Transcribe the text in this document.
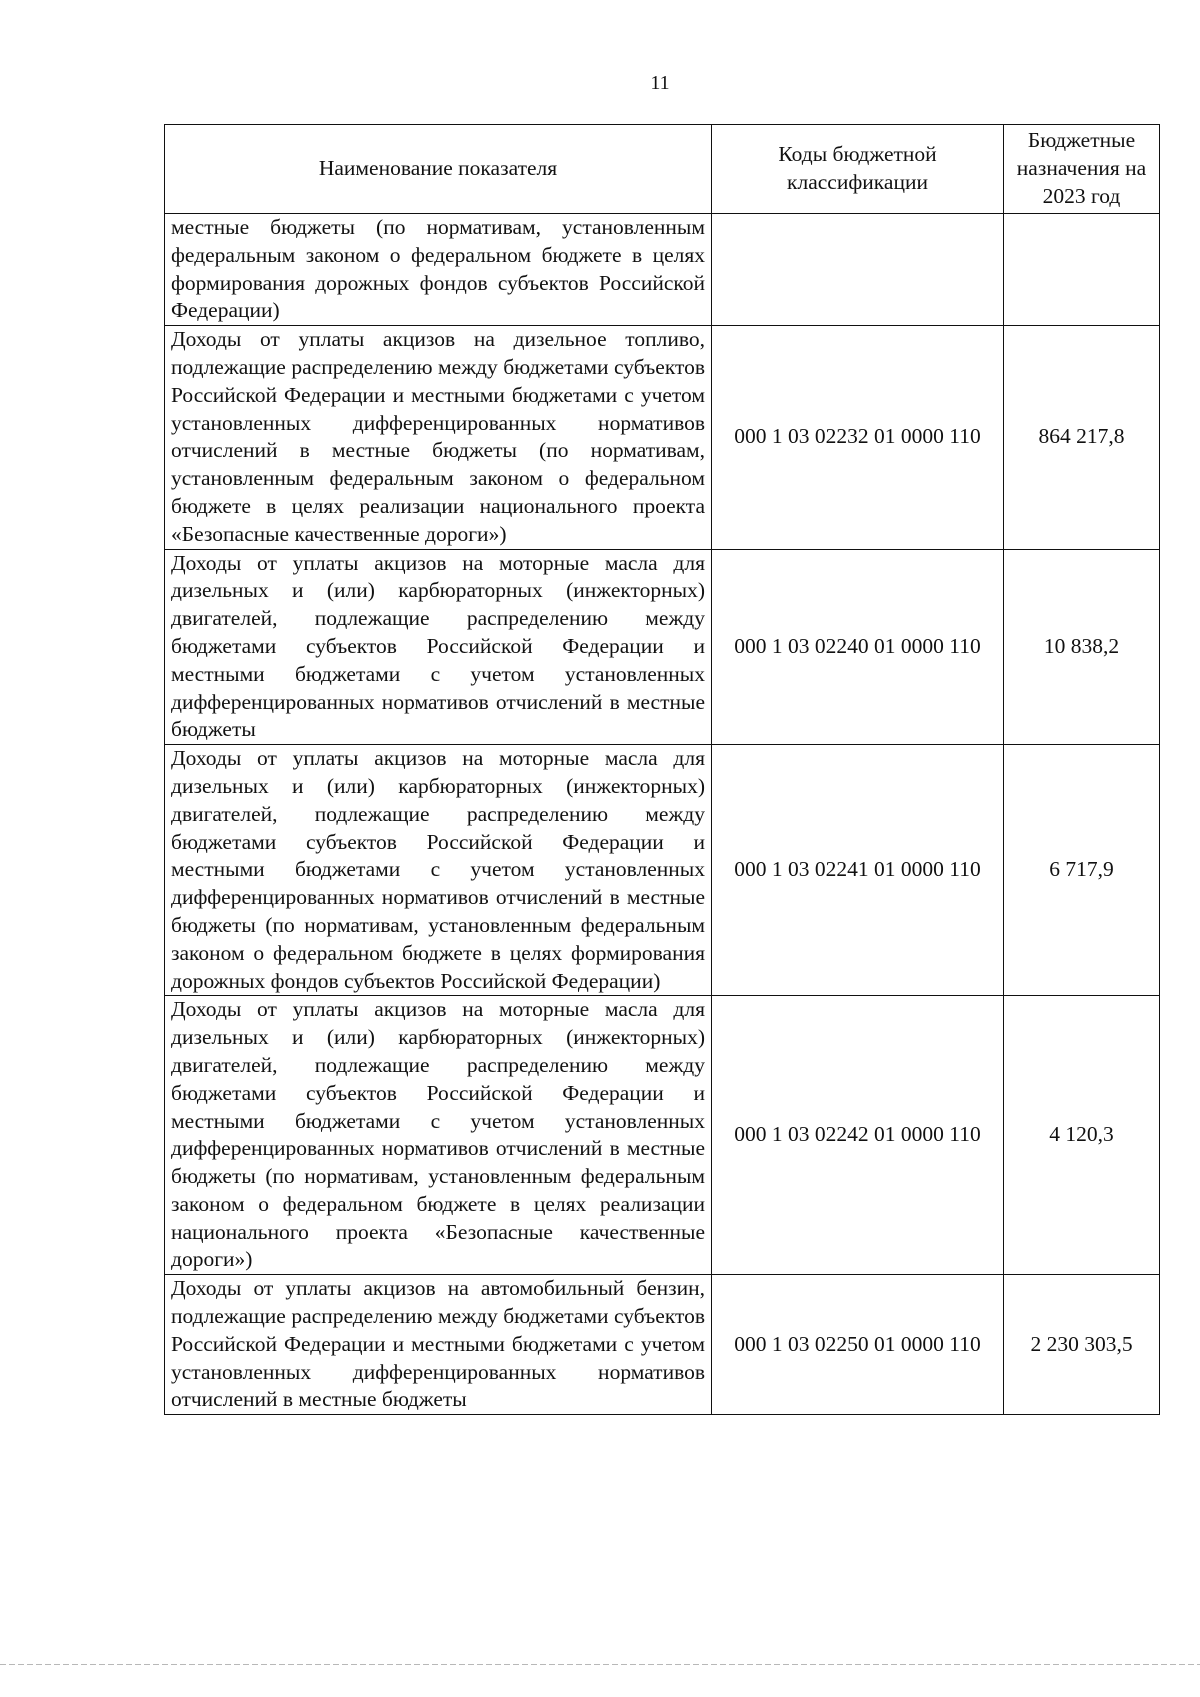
11
Наименование показателя	Коды бюджетной классификации	Бюджетные назначения на 2023 год
местные бюджеты (по нормативам, установленным федеральным законом о федеральном бюджете в целях формирования дорожных фондов субъектов Российской Федерации)		
Доходы от уплаты акцизов на дизельное топливо, подлежащие распределению между бюджетами субъектов Российской Федерации и местными бюджетами с учетом установленных дифференцированных нормативов отчислений в местные бюджеты (по нормативам, установленным федеральным законом о федеральном бюджете в целях реализации национального проекта «Безопасные качественные дороги»)	000 1 03 02232 01 0000 110	864 217,8
Доходы от уплаты акцизов на моторные масла для дизельных и (или) карбюраторных (инжекторных) двигателей, подлежащие распределению между бюджетами субъектов Российской Федерации и местными бюджетами с учетом установленных дифференцированных нормативов отчислений в местные бюджеты	000 1 03 02240 01 0000 110	10 838,2
Доходы от уплаты акцизов на моторные масла для дизельных и (или) карбюраторных (инжекторных) двигателей, подлежащие распределению между бюджетами субъектов Российской Федерации и местными бюджетами с учетом установленных дифференцированных нормативов отчислений в местные бюджеты (по нормативам, установленным федеральным законом о федеральном бюджете в целях формирования дорожных фондов субъектов Российской Федерации)	000 1 03 02241 01 0000 110	6 717,9
Доходы от уплаты акцизов на моторные масла для дизельных и (или) карбюраторных (инжекторных) двигателей, подлежащие распределению между бюджетами субъектов Российской Федерации и местными бюджетами с учетом установленных дифференцированных нормативов отчислений в местные бюджеты (по нормативам, установленным федеральным законом о федеральном бюджете в целях реализации национального проекта «Безопасные качественные дороги»)	000 1 03 02242 01 0000 110	4 120,3
Доходы от уплаты акцизов на автомобильный бензин, подлежащие распределению между бюджетами субъектов Российской Федерации и местными бюджетами с учетом установленных дифференцированных нормативов отчислений в местные бюджеты	000 1 03 02250 01 0000 110	2 230 303,5
